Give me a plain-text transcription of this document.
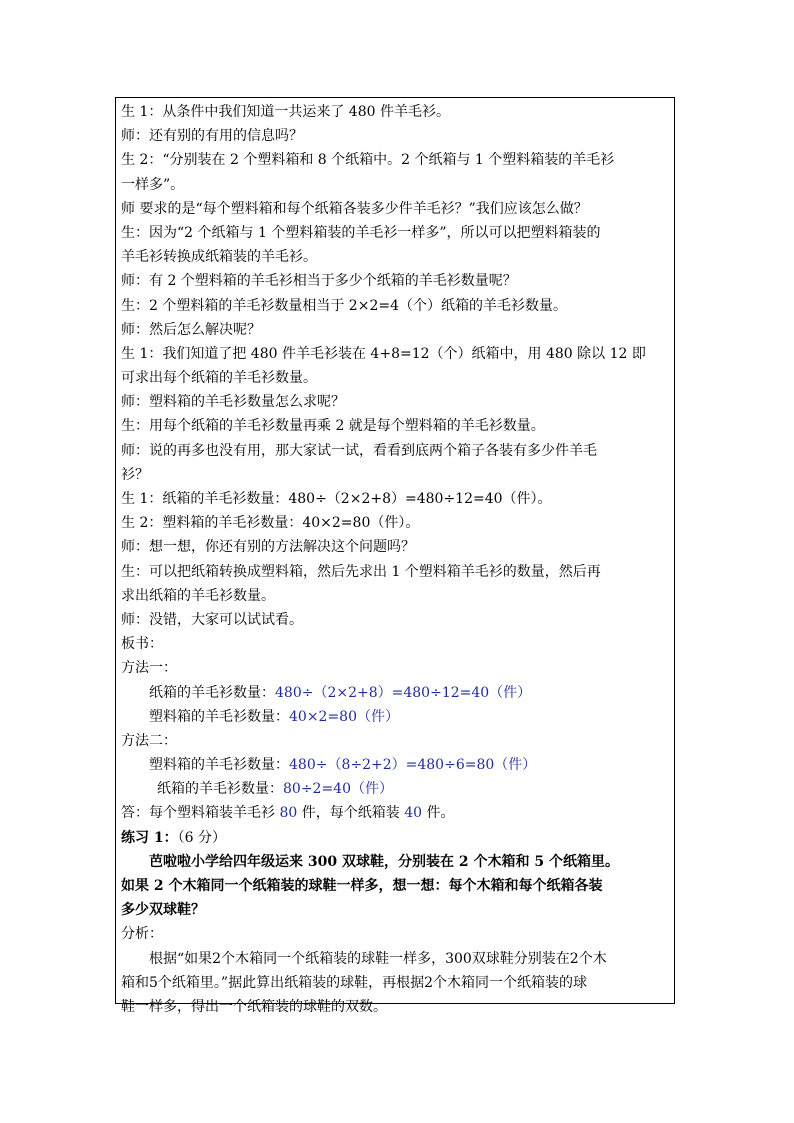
生 1：从条件中我们知道一共运来了 480 件羊毛衫。
师：还有别的有用的信息吗？
生 2：“分别装在 2 个塑料箱和 8 个纸箱中。2 个纸箱与 1 个塑料箱装的羊毛衫
一样多”。
师 要求的是“每个塑料箱和每个纸箱各装多少件羊毛衫？”我们应该怎么做？
生：因为“2 个纸箱与 1 个塑料箱装的羊毛衫一样多”，所以可以把塑料箱装的
羊毛衫转换成纸箱装的羊毛衫。
师：有 2 个塑料箱的羊毛衫相当于多少个纸箱的羊毛衫数量呢？
生：2 个塑料箱的羊毛衫数量相当于 2×2=4（个）纸箱的羊毛衫数量。
师：然后怎么解决呢？
生 1：我们知道了把 480 件羊毛衫装在 4+8=12（个）纸箱中，用 480 除以 12 即
可求出每个纸箱的羊毛衫数量。
师：塑料箱的羊毛衫数量怎么求呢？
生：用每个纸箱的羊毛衫数量再乘 2 就是每个塑料箱的羊毛衫数量。
师：说的再多也没有用，那大家试一试，看看到底两个箱子各装有多少件羊毛
衫？
生 1：纸箱的羊毛衫数量：480÷（2×2+8）=480÷12=40（件）。
生 2：塑料箱的羊毛衫数量：40×2=80（件）。
师：想一想，你还有别的方法解决这个问题吗？
生：可以把纸箱转换成塑料箱，然后先求出 1 个塑料箱羊毛衫的数量，然后再
求出纸箱的羊毛衫数量。
师：没错，大家可以试试看。
板书：
方法一：
纸箱的羊毛衫数量：480÷（2×2+8）=480÷12=40（件）
塑料箱的羊毛衫数量：40×2=80（件）
方法二：
塑料箱的羊毛衫数量：480÷（8÷2+2）=480÷6=80（件）
纸箱的羊毛衫数量：80÷2=40（件）
答：每个塑料箱装羊毛衫 80 件，每个纸箱装 40 件。
练习 1：（6 分）
芭啦啦小学给四年级运来 300 双球鞋，分别装在 2 个木箱和 5 个纸箱里。
如果 2 个木箱同一个纸箱装的球鞋一样多，想一想：每个木箱和每个纸箱各装
多少双球鞋？
分析：
根据“如果2个木箱同一个纸箱装的球鞋一样多，300双球鞋分别装在2个木
箱和5个纸箱里。”据此算出纸箱装的球鞋，再根据2个木箱同一个纸箱装的球
鞋一样多，得出一个纸箱装的球鞋的双数。
